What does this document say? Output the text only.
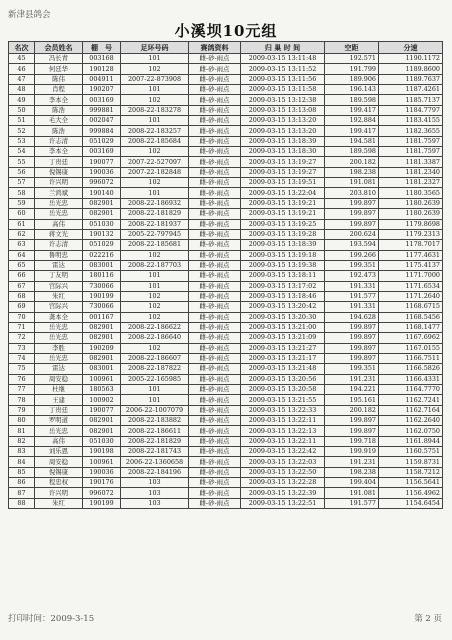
新津县鸽会
小溪坝10元组
名次	会员姓名	棚　号	足环号码	赛鸽资料	归 巢 时 间	空距	分速
45	冯长青	003168	101	雌-砂-雨点	2009-03-15 13:11:48	192.571	1190.1172
46	何廷华	190128	102	雌-砂-雨点	2009-03-15 13:11:52	191.799	1189.8600
47	陈伟	004911	2007-22-873908	雌-砂-雨点	2009-03-15 13:11:56	189.906	1189.7637
48	肖程	190207	101	雌-砂-雨点	2009-03-15 13:11:58	196.143	1187.4261
49	李本全	003169	102	雌-砂-雨点	2009-03-15 13:12:38	189.598	1185.7137
50	陈浩	999881	2008-22-183278	雌-砂-雨点	2009-03-15 13:13:08	199.417	1184.7797
51	毛大全	002047	101	雌-砂-雨点	2009-03-15 13:13:20	192.884	1183.4155
52	陈浩	999884	2008-22-183257	雌-砂-雨点	2009-03-15 13:13:20	199.417	1182.3655
53	许志清	051029	2008-22-185684	雌-砂-雨点	2009-03-15 13:18:39	194.581	1181.7597
54	李本全	003169	102	雌-砂-雨点	2009-03-15 13:18:30	189.598	1181.7597
55	丁贵廷	190077	2007-22-527097	雌-砂-雨点	2009-03-15 13:19:27	200.182	1181.3387
56	倪锡康	190036	2007-22-182848	雌-砂-雨点	2009-03-15 13:19:27	198.238	1181.2340
57	许兴明	996072	102	雌-砂-雨点	2009-03-15 13:19:51	191.081	1181.2327
58	兰鸿斌	190140	101	雌-砂-雨点	2009-03-15 13:22:04	203.810	1180.3565
59	岳光忠	082901	2008-22-186932	雌-砂-雨点	2009-03-15 13:19:21	199.897	1180.2639
60	岳光忠	082901	2008-22-181829	雌-砂-雨点	2009-03-15 13:19:21	199.897	1180.2639
61	高伟	051030	2008-22-181937	雌-砂-雨点	2009-03-15 13:19:25	199.897	1179.8698
62	蒋文光	190132	2005-22-797945	雌-砂-雨点	2009-03-15 13:19:28	200.624	1179.2313
63	许志清	051029	2008-22-185681	雌-砂-雨点	2009-03-15 13:18:39	193.594	1178.7017
64	鲁明忠	022216	102	雌-砂-雨点	2009-03-15 13:19:18	199.266	1177.4631
65	雷达	083001	2008-22-187703	雌-砂-雨点	2009-03-15 13:19:38	199.351	1175.4137
66	丁友明	180116	101	雌-砂-雨点	2009-03-15 13:18:11	192.473	1171.7000
67	宫际兴	730066	101	雌-砂-雨点	2009-03-15 13:17:02	191.331	1171.6534
68	朱红	190199	102	雌-砂-雨点	2009-03-15 13:18:46	191.577	1171.2640
69	宫际兴	730066	102	雌-砂-雨点	2009-03-15 13:20:42	191.331	1168.6715
70	龚本全	001167	102	雌-砂-雨点	2009-03-15 13:20:30	194.628	1168.5456
71	岳光忠	082901	2008-22-186622	雌-砂-雨点	2009-03-15 13:21:00	199.897	1168.1477
72	岳光忠	082901	2008-22-186640	雌-砂-雨点	2009-03-15 13:21:09	199.897	1167.6962
73	李胜	190209	102	雌-砂-雨点	2009-03-15 13:21:27	199.897	1167.0155
74	岳光忠	082901	2008-22-186607	雌-砂-雨点	2009-03-15 13:21:17	199.897	1166.7511
75	雷达	083001	2008-22-187822	雌-砂-雨点	2009-03-15 13:21:48	199.351	1166.5826
76	周安稳	100961	2005-22-165985	雌-砂-雨点	2009-03-15 13:20:56	191.231	1166.4331
77	杜继	180563	101	雌-砂-雨点	2009-03-15 13:20:58	194.221	1164.7770
78	王建	100902	101	雌-砂-雨点	2009-03-15 13:21:55	195.161	1162.7241
79	丁贵廷	190077	2006-22-1007079	雌-砂-雨点	2009-03-15 13:22:33	200.182	1162.7164
80	罗明道	082901	2008-22-183882	雌-砂-雨点	2009-03-15 13:22:11	199.897	1162.2640
81	岳光忠	082901	2008-22-186611	雌-砂-雨点	2009-03-15 13:22:13	199.897	1162.0750
82	高伟	051030	2008-22-181829	雌-砂-雨点	2009-03-15 13:22:11	199.718	1161.8944
83	刘乐恩	190198	2008-22-181743	雌-砂-雨点	2009-03-15 13:22:42	199.919	1160.5751
84	周安稳	100961	2006-22-1360658	雌-砂-雨点	2009-03-15 13:22:03	191.231	1159.8731
85	倪锡康	190036	2008-22-184196	雌-砂-雨点	2009-03-15 13:22:50	198.238	1158.7212
86	程忠权	190176	103	雌-砂-雨点	2009-03-15 13:22:28	199.404	1156.5641
87	许兴明	996072	103	雌-砂-雨点	2009-03-15 13:22:39	191.081	1156.4962
88	朱红	190199	103	雌-砂-雨点	2009-03-15 13:22:51	191.577	1154.6454
打印时间：2009-3-15	第 2 页
